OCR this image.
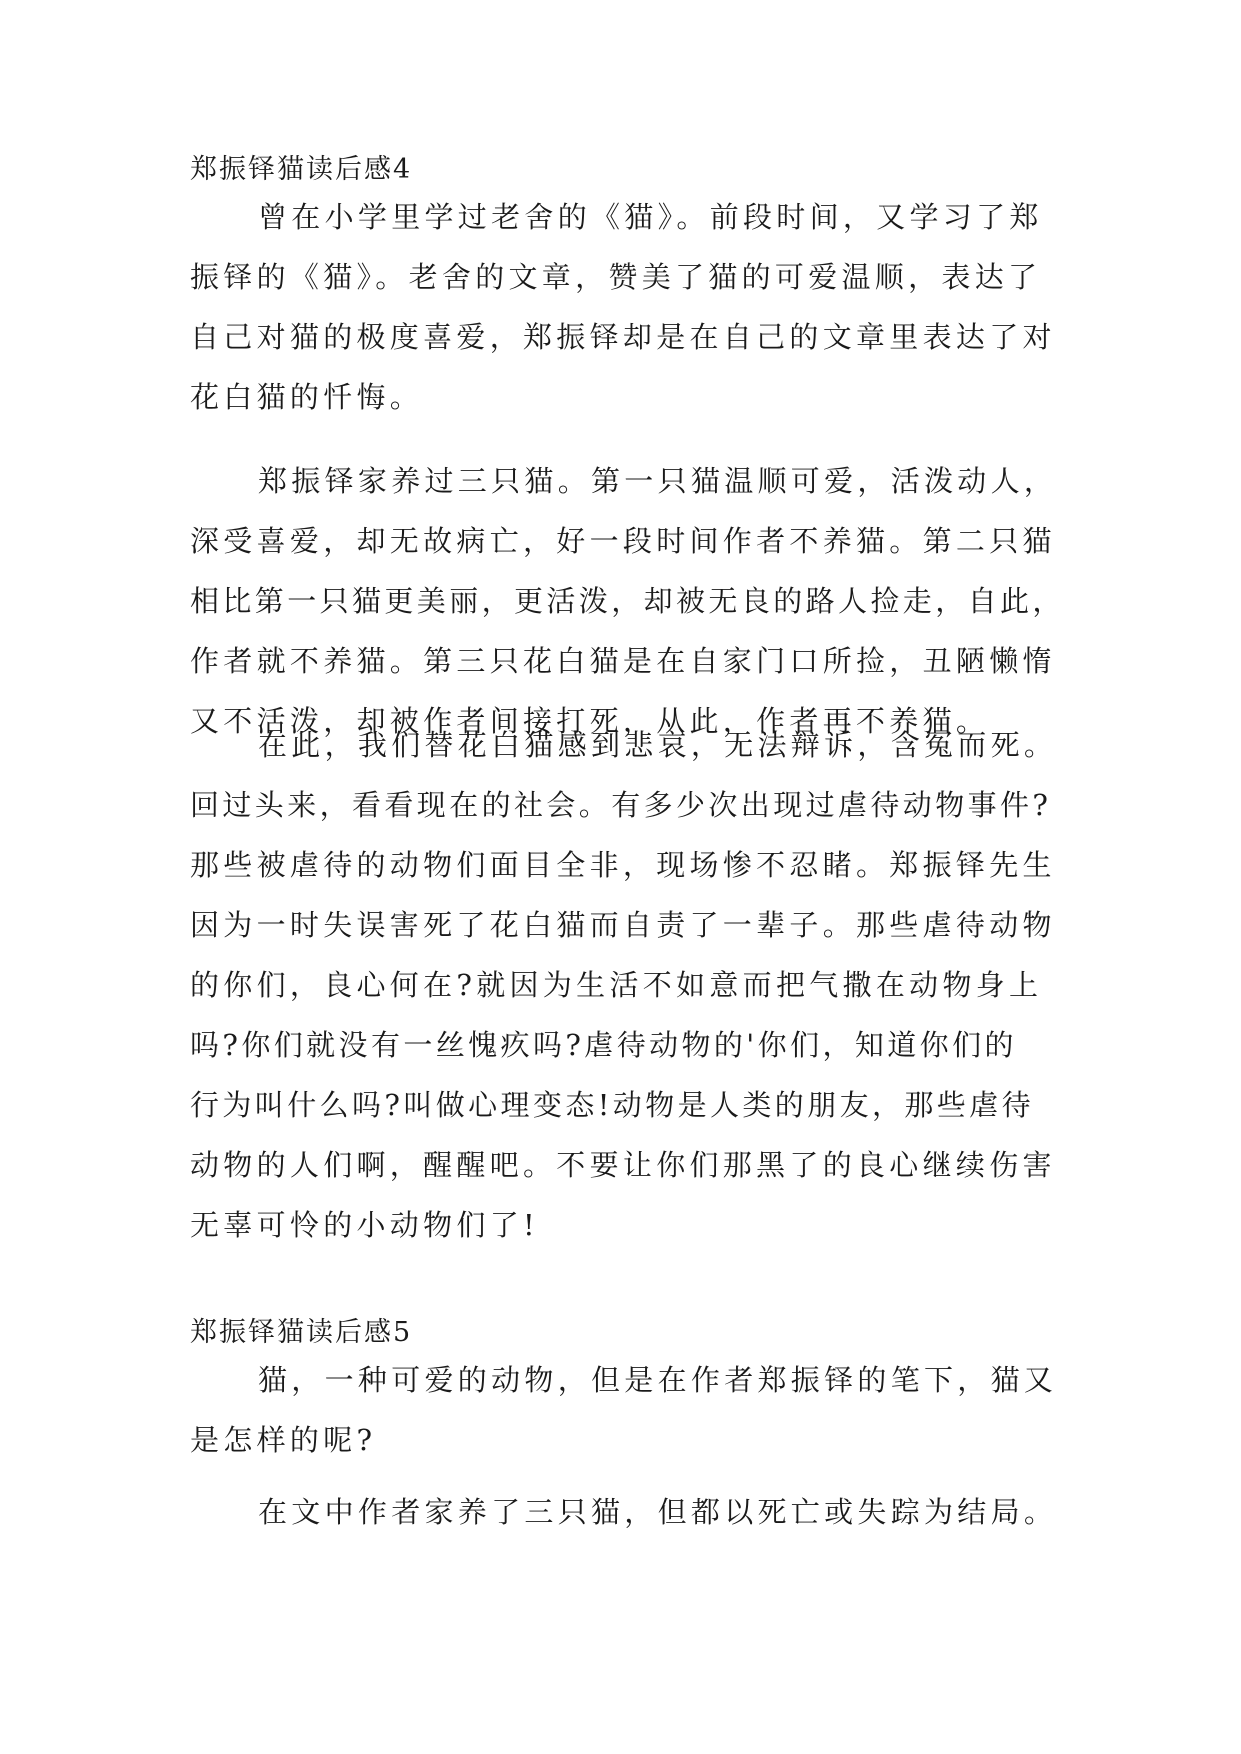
郑振铎猫读后感4
曾在小学里学过老舍的《猫》。前段时间，又学习了郑
振铎的《猫》。老舍的文章，赞美了猫的可爱温顺，表达了
自己对猫的极度喜爱，郑振铎却是在自己的文章里表达了对
花白猫的忏悔。
郑振铎家养过三只猫。第一只猫温顺可爱，活泼动人，
深受喜爱，却无故病亡，好一段时间作者不养猫。第二只猫
相比第一只猫更美丽，更活泼，却被无良的路人捡走，自此，
作者就不养猫。第三只花白猫是在自家门口所捡，丑陋懒惰
又不活泼，却被作者间接打死，从此，作者再不养猫。
在此，我们替花白猫感到悲哀，无法辩诉，含冤而死。
回过头来，看看现在的社会。有多少次出现过虐待动物事件?
那些被虐待的动物们面目全非，现场惨不忍睹。郑振铎先生
因为一时失误害死了花白猫而自责了一辈子。那些虐待动物
的你们，良心何在?就因为生活不如意而把气撒在动物身上
吗?你们就没有一丝愧疚吗?虐待动物的'你们，知道你们的
行为叫什么吗?叫做心理变态!动物是人类的朋友，那些虐待
动物的人们啊，醒醒吧。不要让你们那黑了的良心继续伤害
无辜可怜的小动物们了!
郑振铎猫读后感5
猫，一种可爱的动物，但是在作者郑振铎的笔下，猫又
是怎样的呢?
在文中作者家养了三只猫，但都以死亡或失踪为结局。
